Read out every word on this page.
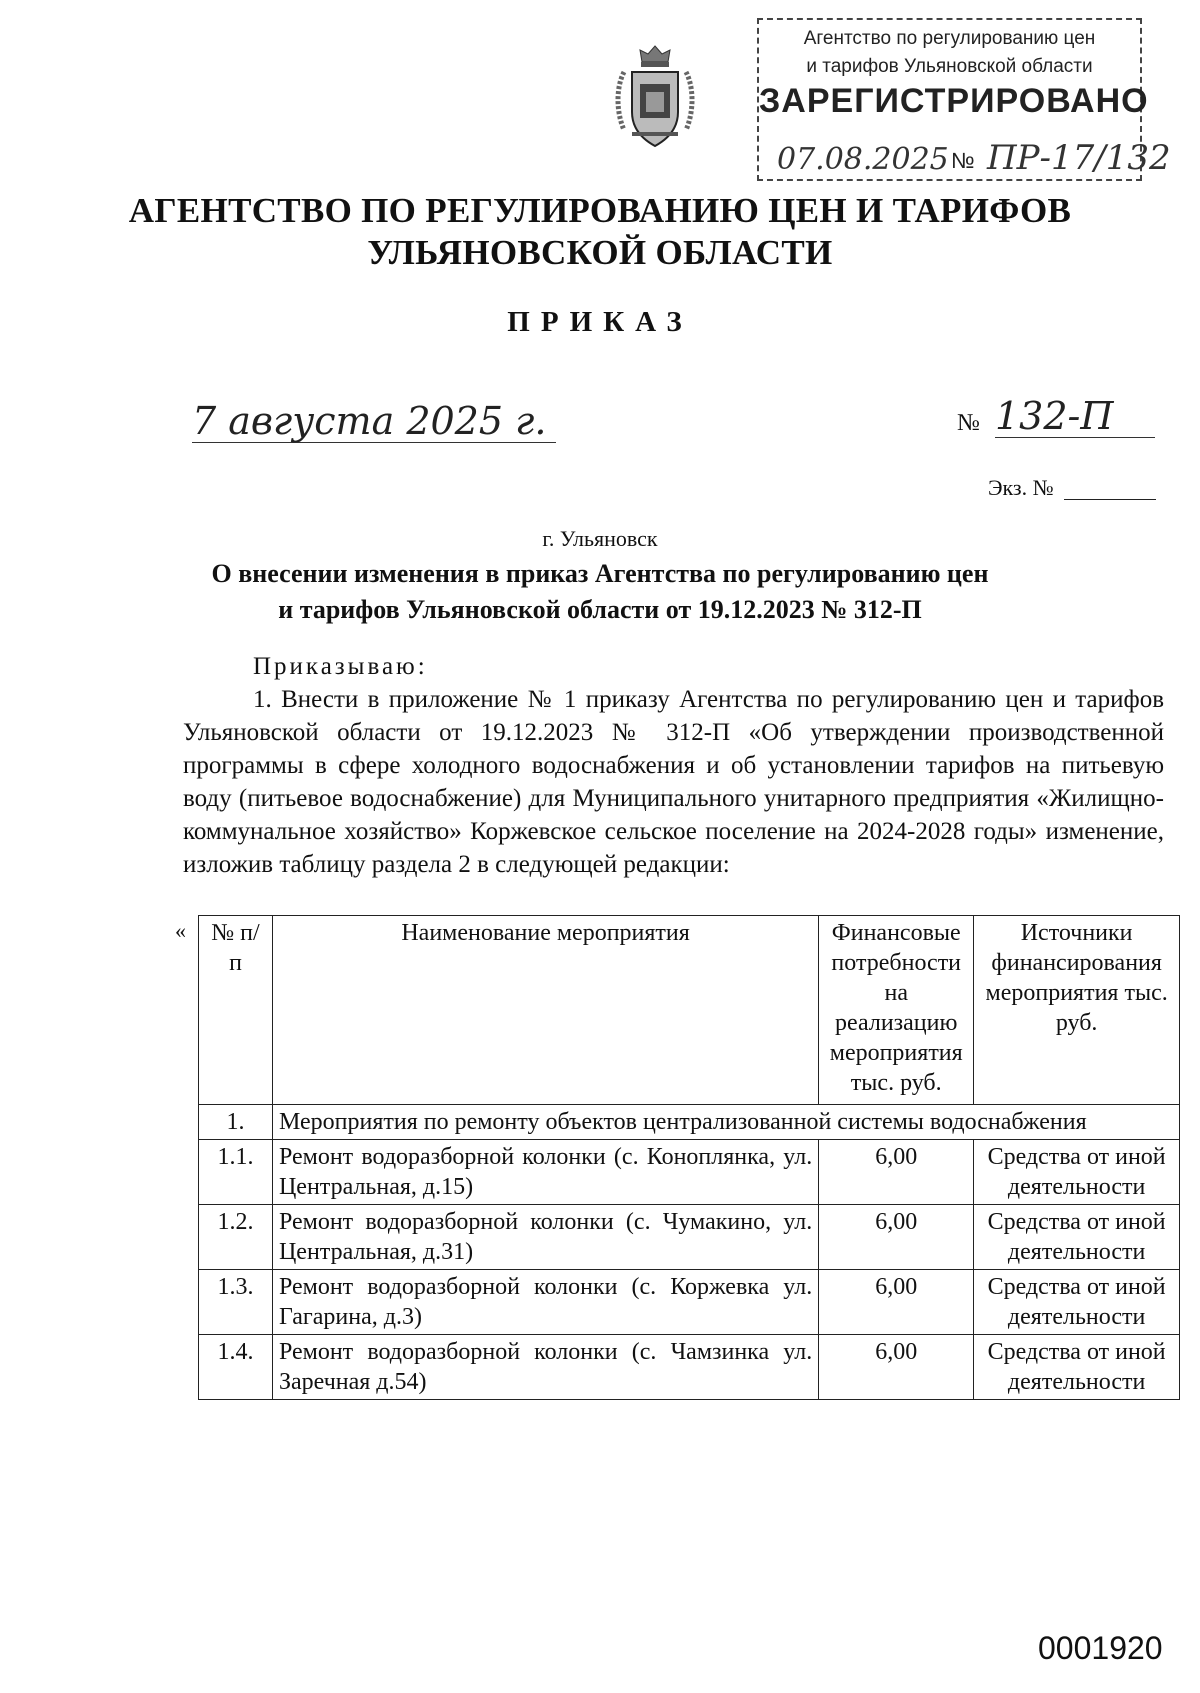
Агентство по регулированию цен
и тарифов Ульяновской области
ЗАРЕГИСТРИРОВАНО
07.08.2025 № ПР-17/132
АГЕНТСТВО ПО РЕГУЛИРОВАНИЮ ЦЕН И ТАРИФОВ
УЛЬЯНОВСКОЙ ОБЛАСТИ
ПРИКАЗ
7 августа 2025 г.	№ 132-П
Экз. №
г. Ульяновск
О внесении изменения в приказ Агентства по регулированию цен
и тарифов Ульяновской области от 19.12.2023 № 312-П
Приказываю:
1. Внести в приложение № 1 приказу Агентства по регулированию цен и тарифов Ульяновской области от 19.12.2023 № 312-П «Об утверждении производственной программы в сфере холодного водоснабжения и об установлении тарифов на питьевую воду (питьевое водоснабжение) для Муниципального унитарного предприятия «Жилищно-коммунальное хозяйство» Коржевское сельское поселение на 2024-2028 годы» изменение, изложив таблицу раздела 2 в следующей редакции:
« № п/п	Наименование мероприятия	Финансовые потребности на реализацию мероприятия тыс. руб.	Источники финансирования мероприятия тыс. руб.
1.	Мероприятия по ремонту объектов централизованной системы водоснабжения		
1.1.	Ремонт водоразборной колонки (с. Коноплянка, ул. Центральная, д.15)	6,00	Средства от иной деятельности
1.2.	Ремонт водоразборной колонки (с. Чумакино, ул. Центральная, д.31)	6,00	Средства от иной деятельности
1.3.	Ремонт водоразборной колонки (с. Коржевка ул. Гагарина, д.3)	6,00	Средства от иной деятельности
1.4.	Ремонт водоразборной колонки (с. Чамзинка ул. Заречная д.54)	6,00	Средства от иной деятельности
0001920
